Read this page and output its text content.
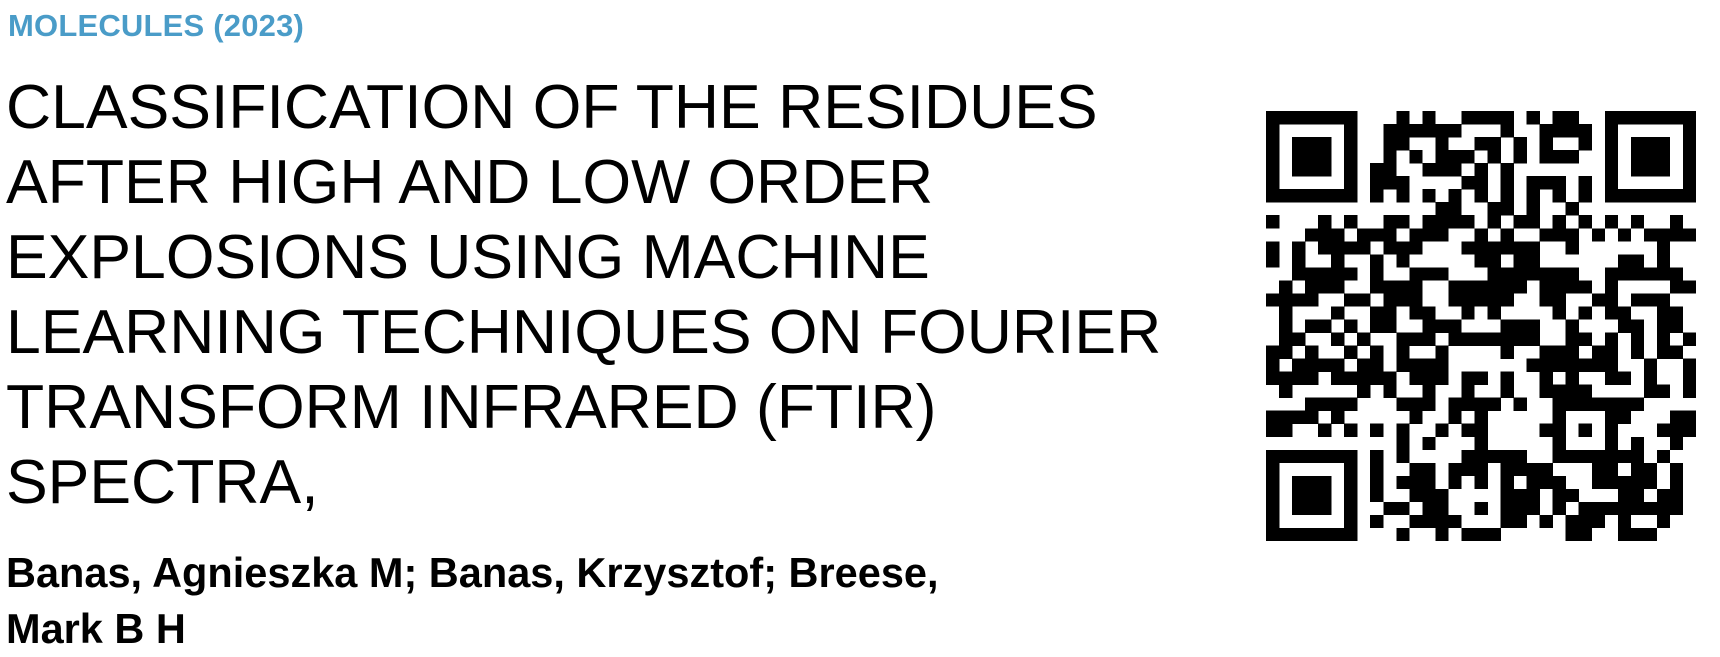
MOLECULES (2023)
CLASSIFICATION OF THE RESIDUES
AFTER HIGH AND LOW ORDER
EXPLOSIONS USING MACHINE
LEARNING TECHNIQUES ON FOURIER
TRANSFORM INFRARED (FTIR)
SPECTRA,
Banas, Agnieszka M; Banas, Krzysztof; Breese,
Mark B H
